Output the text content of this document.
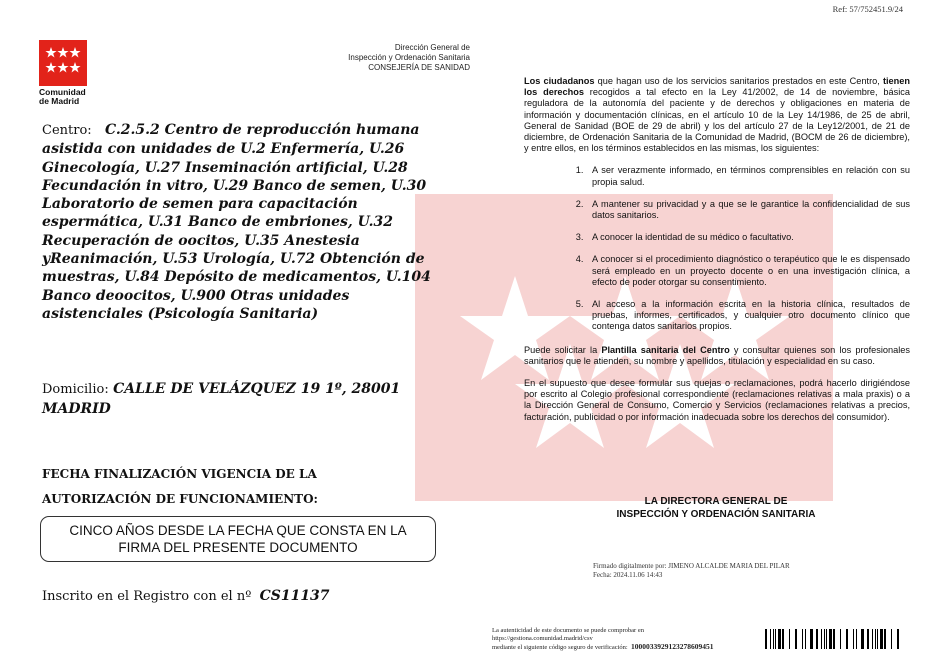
Ref: 57/752451.9/24
Comunidad
de Madrid
Dirección General de
Inspección y Ordenación Sanitaria
CONSEJERÍA DE SANIDAD
Centro: C.2.5.2 Centro de reproducción humana asistida con unidades de U.2 Enfermería, U.26 Ginecología, U.27 Inseminación artificial, U.28 Fecundación in vitro, U.29 Banco de semen, U.30 Laboratorio de semen para capacitación espermática, U.31 Banco de embriones, U.32 Recuperación de oocitos, U.35 Anestesia yReanimación, U.53 Urología, U.72 Obtención de muestras, U.84 Depósito de medicamentos, U.104 Banco deoocitos, U.900 Otras unidades asistenciales (Psicología Sanitaria)
Domicilio: CALLE DE VELÁZQUEZ 19 1º, 28001 MADRID
FECHA FINALIZACIÓN VIGENCIA DE LA
AUTORIZACIÓN DE FUNCIONAMIENTO:
CINCO AÑOS DESDE LA FECHA QUE CONSTA EN LA
FIRMA DEL PRESENTE DOCUMENTO
Inscrito en el Registro con el nº CS11137

Los ciudadanos que hagan uso de los servicios sanitarios prestados en este Centro, tienen los derechos recogidos a tal efecto en la Ley 41/2002, de 14 de noviembre, básica reguladora de la autonomía del paciente y de derechos y obligaciones en materia de información y documentación clínicas, en el artículo 10 de la Ley 14/1986, de 25 de abril, General de Sanidad (BOE de 29 de abril) y los del artículo 27 de la Ley12/2001, de 21 de diciembre, de Ordenación Sanitaria de la Comunidad de Madrid, (BOCM de 26 de diciembre), y entre ellos, en los términos establecidos en las mismas, los siguientes:

1. A ser verazmente informado, en términos comprensibles en relación con su propia salud.
2. A mantener su privacidad y a que se le garantice la confidencialidad de sus datos sanitarios.
3. A conocer la identidad de su médico o facultativo.
4. A conocer si el procedimiento diagnóstico o terapéutico que le es dispensado será empleado en un proyecto docente o en una investigación clínica, a efecto de poder otorgar su consentimiento.
5. Al acceso a la información escrita en la historia clínica, resultados de pruebas, informes, certificados, y cualquier otro documento clínico que contenga datos sanitarios propios.

Puede solicitar la Plantilla sanitaria del Centro y consultar quienes son los profesionales sanitarios que le atienden, su nombre y apellidos, titulación y especialidad en su caso.

En el supuesto que desee formular sus quejas o reclamaciones, podrá hacerlo dirigiéndose por escrito al Colegio profesional correspondiente (reclamaciones relativas a mala praxis) o a la Dirección General de Consumo, Comercio y Servicios (reclamaciones relativas a precios, facturación, publicidad o por información inadecuada sobre los derechos del consumidor).

LA DIRECTORA GENERAL DE
INSPECCIÓN Y ORDENACIÓN SANITARIA
Firmado digitalmente por: JIMENO ALCALDE MARIA DEL PILAR
Fecha: 2024.11.06 14:43
La autenticidad de este documento se puede comprobar en
https://gestiona.comunidad.madrid/csv
mediante el siguiente código seguro de verificación: 1000033929123278609451
